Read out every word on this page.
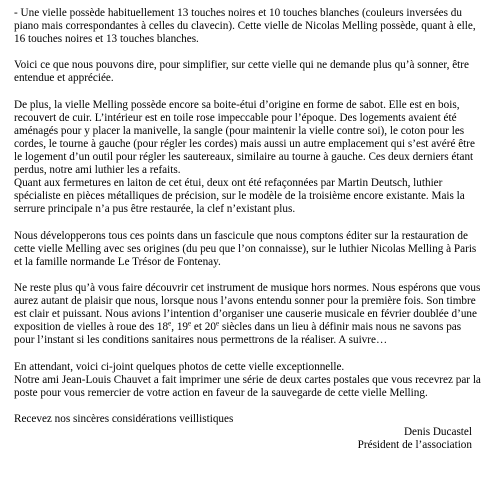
- Une vielle possède habituellement 13 touches noires et 10 touches blanches (couleurs inversées du piano mais correspondantes à celles du clavecin). Cette vielle de Nicolas Melling possède, quant à elle, 16 touches noires et 13 touches blanches.

Voici ce que nous pouvons dire, pour simplifier, sur cette vielle qui ne demande plus qu’à sonner, être entendue et appréciée.

De plus, la vielle Melling possède encore sa boite-étui d’origine en forme de sabot. Elle est en bois, recouvert de cuir. L’intérieur est en toile rose impeccable pour l’époque. Des logements avaient été aménagés pour y placer la manivelle, la sangle (pour maintenir la vielle contre soi), le coton pour les cordes, le tourne à gauche (pour régler les cordes) mais aussi un autre emplacement qui s’est avéré être le logement d’un outil pour régler les sautereaux, similaire au tourne à gauche. Ces deux derniers étant perdus, notre ami luthier les a refaits.

Quant aux fermetures en laiton de cet étui, deux ont été refaçonnées par Martin Deutsch, luthier spécialiste en pièces métalliques de précision, sur le modèle de la troisième encore existante. Mais la serrure principale n’a pus être restaurée, la clef n’existant plus.

Nous développerons tous ces points dans un fascicule que nous comptons éditer sur la restauration de cette vielle Melling avec ses origines (du peu que l’on connaisse), sur le luthier Nicolas Melling à Paris et la famille normande Le Trésor de Fontenay.

Ne reste plus qu’à vous faire découvrir cet instrument de musique hors normes. Nous espérons que vous aurez autant de plaisir que nous, lorsque nous l’avons entendu sonner pour la première fois. Son timbre est clair et puissant. Nous avions l’intention d’organiser une causerie musicale en février doublée d’une exposition de vielles à roue des 18e, 19e et 20e siècles dans un lieu à définir mais nous ne savons pas pour l’instant si les conditions sanitaires nous permettrons de la réaliser. A suivre…

En attendant, voici ci-joint quelques photos de cette vielle exceptionnelle.

Notre ami Jean-Louis Chauvet a fait imprimer une série de deux cartes postales que vous recevrez par la poste pour vous remercier de votre action en faveur de la sauvegarde de cette vielle Melling.

Recevez nos sincères considérations veillistiques

Denis Ducastel
Président de l’association
